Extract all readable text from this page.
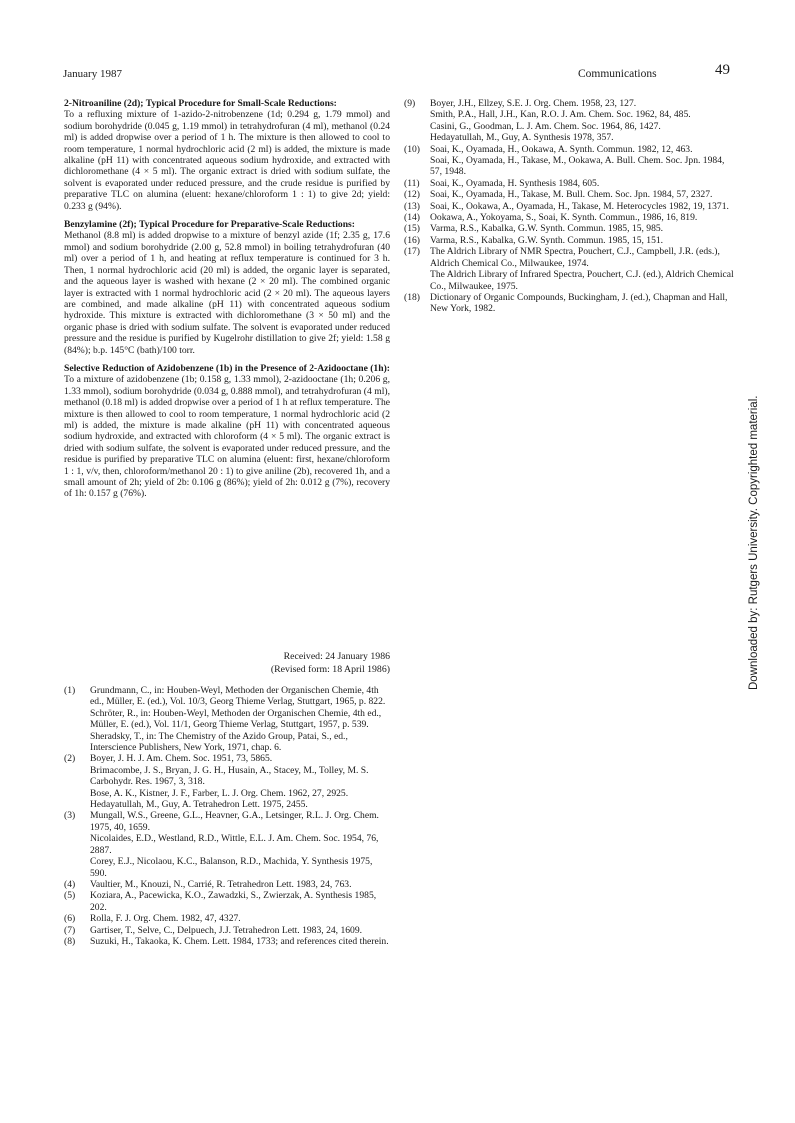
January 1987	Communications	49
2-Nitroaniline (2d); Typical Procedure for Small-Scale Reductions:
To a refluxing mixture of 1-azido-2-nitrobenzene (1d; 0.294 g, 1.79 mmol) and sodium borohydride (0.045 g, 1.19 mmol) in tetrahydrofuran (4 ml), methanol (0.24 ml) is added dropwise over a period of 1 h. The mixture is then allowed to cool to room temperature, 1 normal hydrochloric acid (2 ml) is added, the mixture is made alkaline (pH 11) with concentrated aqueous sodium hydroxide, and extracted with dichloromethane (4 × 5 ml). The organic extract is dried with sodium sulfate, the solvent is evaporated under reduced pressure, and the crude residue is purified by preparative TLC on alumina (eluent: hexane/chloroform 1 : 1) to give 2d; yield: 0.233 g (94%).
Benzylamine (2f); Typical Procedure for Preparative-Scale Reductions:
Methanol (8.8 ml) is added dropwise to a mixture of benzyl azide (1f; 2.35 g, 17.6 mmol) and sodium borohydride (2.00 g, 52.8 mmol) in boiling tetrahydrofuran (40 ml) over a period of 1 h, and heating at reflux temperature is continued for 3 h. Then, 1 normal hydrochloric acid (20 ml) is added, the organic layer is separated, and the aqueous layer is washed with hexane (2 × 20 ml). The combined organic layer is extracted with 1 normal hydrochloric acid (2 × 20 ml). The aqueous layers are combined, and made alkaline (pH 11) with concentrated aqueous sodium hydroxide. This mixture is extracted with dichloromethane (3 × 50 ml) and the organic phase is dried with sodium sulfate. The solvent is evaporated under reduced pressure and the residue is purified by Kugelrohr distillation to give 2f; yield: 1.58 g (84%); b.p. 145°C (bath)/100 torr.
Selective Reduction of Azidobenzene (1b) in the Presence of 2-Azidooctane (1h):
To a mixture of azidobenzene (1b; 0.158 g, 1.33 mmol), 2-azidooctane (1h; 0.206 g, 1.33 mmol), sodium borohydride (0.034 g, 0.888 mmol), and tetrahydrofuran (4 ml), methanol (0.18 ml) is added dropwise over a period of 1 h at reflux temperature. The mixture is then allowed to cool to room temperature, 1 normal hydrochloric acid (2 ml) is added, the mixture is made alkaline (pH 11) with concentrated aqueous sodium hydroxide, and extracted with chloroform (4 × 5 ml). The organic extract is dried with sodium sulfate, the solvent is evaporated under reduced pressure, and the residue is purified by preparative TLC on alumina (eluent: first, hexane/chloroform 1 : 1, v/v, then, chloroform/methanol 20 : 1) to give aniline (2b), recovered 1h, and a small amount of 2h; yield of 2b: 0.106 g (86%); yield of 2h: 0.012 g (7%), recovery of 1h: 0.157 g (76%).
Received: 24 January 1986
(Revised form: 18 April 1986)
(1)	Grundmann, C., in: Houben-Weyl, Methoden der Organischen Chemie, 4th ed., Müller, E. (ed.), Vol. 10/3, Georg Thieme Verlag, Stuttgart, 1965, p. 822.
Schröter, R., in: Houben-Weyl, Methoden der Organischen Chemie, 4th ed., Müller, E. (ed.), Vol. 11/1, Georg Thieme Verlag, Stuttgart, 1957, p. 539.
Sheradsky, T., in: The Chemistry of the Azido Group, Patai, S., ed., Interscience Publishers, New York, 1971, chap. 6.
(2)	Boyer, J. H. J. Am. Chem. Soc. 1951, 73, 5865.
Brimacombe, J. S., Bryan, J. G. H., Husain, A., Stacey, M., Tolley, M. S. Carbohydr. Res. 1967, 3, 318.
Bose, A. K., Kistner, J. F., Farber, L. J. Org. Chem. 1962, 27, 2925.
Hedayatullah, M., Guy, A. Tetrahedron Lett. 1975, 2455.
(3)	Mungall, W.S., Greene, G.L., Heavner, G.A., Letsinger, R.L. J. Org. Chem. 1975, 40, 1659.
Nicolaides, E.D., Westland, R.D., Wittle, E.L. J. Am. Chem. Soc. 1954, 76, 2887.
Corey, E.J., Nicolaou, K.C., Balanson, R.D., Machida, Y. Synthesis 1975, 590.
(4)	Vaultier, M., Knouzi, N., Carrié, R. Tetrahedron Lett. 1983, 24, 763.
(5)	Koziara, A., Pacewicka, K.O., Zawadzki, S., Zwierzak, A. Synthesis 1985, 202.
(6)	Rolla, F. J. Org. Chem. 1982, 47, 4327.
(7)	Gartiser, T., Selve, C., Delpuech, J.J. Tetrahedron Lett. 1983, 24, 1609.
(8)	Suzuki, H., Takaoka, K. Chem. Lett. 1984, 1733; and references cited therein.
(9)	Boyer, J.H., Ellzey, S.E. J. Org. Chem. 1958, 23, 127.
Smith, P.A., Hall, J.H., Kan, R.O. J. Am. Chem. Soc. 1962, 84, 485.
Casini, G., Goodman, L. J. Am. Chem. Soc. 1964, 86, 1427.
Hedayatullah, M., Guy, A. Synthesis 1978, 357.
(10)	Soai, K., Oyamada, H., Ookawa, A. Synth. Commun. 1982, 12, 463.
Soai, K., Oyamada, H., Takase, M., Ookawa, A. Bull. Chem. Soc. Jpn. 1984, 57, 1948.
(11)	Soai, K., Oyamada, H. Synthesis 1984, 605.
(12)	Soai, K., Oyamada, H., Takase, M. Bull. Chem. Soc. Jpn. 1984, 57, 2327.
(13)	Soai, K., Ookawa, A., Oyamada, H., Takase, M. Heterocycles 1982, 19, 1371.
(14)	Ookawa, A., Yokoyama, S., Soai, K. Synth. Commun., 1986, 16, 819.
(15)	Varma, R.S., Kabalka, G.W. Synth. Commun. 1985, 15, 985.
(16)	Varma, R.S., Kabalka, G.W. Synth. Commun. 1985, 15, 151.
(17)	The Aldrich Library of NMR Spectra, Pouchert, C.J., Campbell, J.R. (eds.), Aldrich Chemical Co., Milwaukee, 1974.
The Aldrich Library of Infrared Spectra, Pouchert, C.J. (ed.), Aldrich Chemical Co., Milwaukee, 1975.
(18)	Dictionary of Organic Compounds, Buckingham, J. (ed.), Chapman and Hall, New York, 1982.
Downloaded by: Rutgers University. Copyrighted material.
